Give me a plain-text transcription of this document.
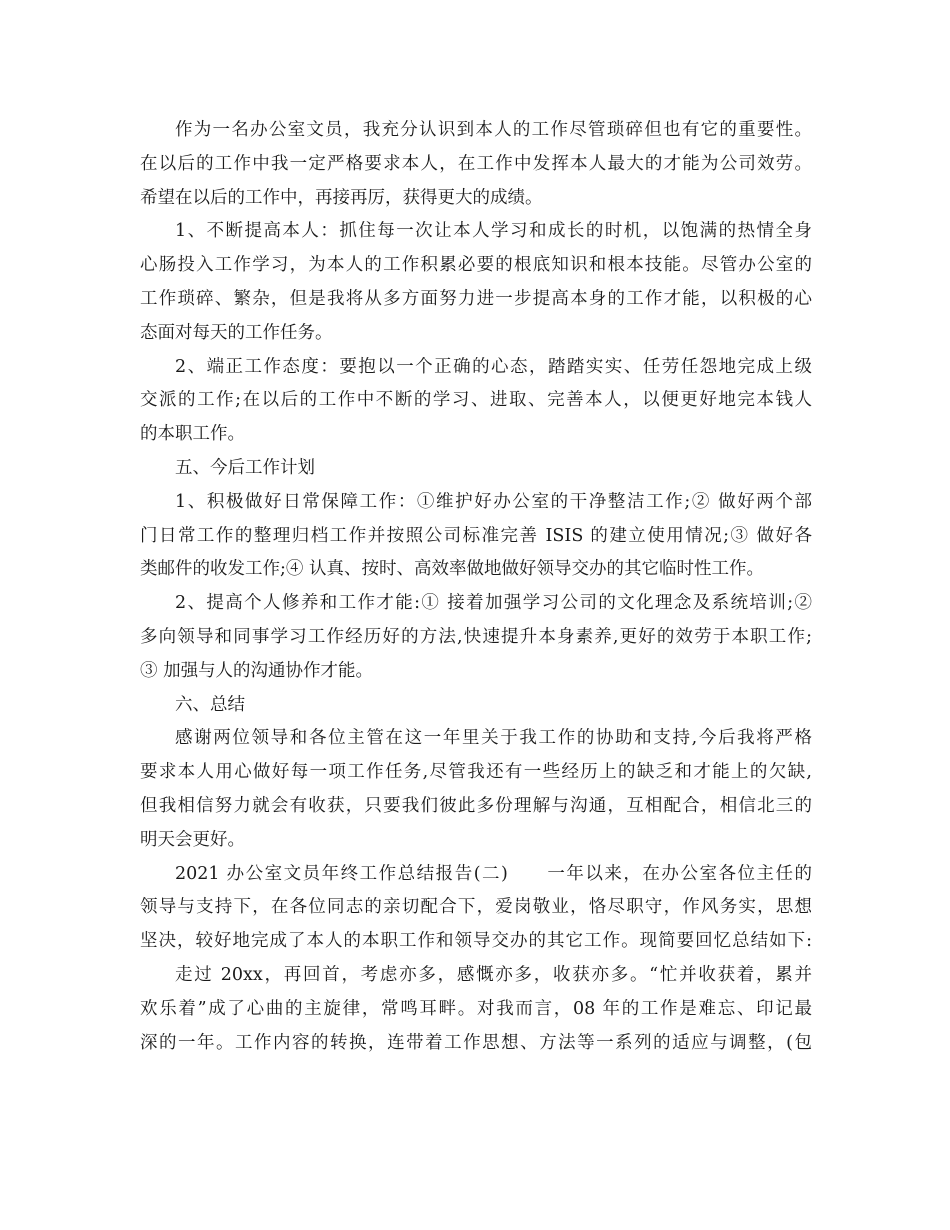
作为一名办公室文员，我充分认识到本人的工作尽管琐碎但也有它的重要性。
在以后的工作中我一定严格要求本人，在工作中发挥本人最大的才能为公司效劳。
希望在以后的工作中，再接再厉，获得更大的成绩。
1、不断提高本人：抓住每一次让本人学习和成长的时机，以饱满的热情全身
心肠投入工作学习，为本人的工作积累必要的根底知识和根本技能。尽管办公室的
工作琐碎、繁杂，但是我将从多方面努力进一步提高本身的工作才能，以积极的心
态面对每天的工作任务。
2、端正工作态度：要抱以一个正确的心态，踏踏实实、任劳任怨地完成上级
交派的工作;在以后的工作中不断的学习、进取、完善本人，以便更好地完本钱人
的本职工作。
五、今后工作计划
1、积极做好日常保障工作：①维护好办公室的干净整洁工作;② 做好两个部
门日常工作的整理归档工作并按照公司标准完善 ISIS 的建立使用情况;③ 做好各
类邮件的收发工作;④ 认真、按时、高效率做地做好领导交办的其它临时性工作。
2、提高个人修养和工作才能:① 接着加强学习公司的文化理念及系统培训;②
多向领导和同事学习工作经历好的方法,快速提升本身素养,更好的效劳于本职工作;
③ 加强与人的沟通协作才能。
六、总结
感谢两位领导和各位主管在这一年里关于我工作的协助和支持,今后我将严格
要求本人用心做好每一项工作任务,尽管我还有一些经历上的缺乏和才能上的欠缺,
但我相信努力就会有收获，只要我们彼此多份理解与沟通，互相配合，相信北三的
明天会更好。
2021 办公室文员年终工作总结报告(二)　　一年以来，在办公室各位主任的
领导与支持下，在各位同志的亲切配合下，爱岗敬业，恪尽职守，作风务实，思想
坚决，较好地完成了本人的本职工作和领导交办的其它工作。现简要回忆总结如下:
走过 20xx，再回首，考虑亦多，感慨亦多，收获亦多。“忙并收获着，累并
欢乐着”成了心曲的主旋律，常鸣耳畔。对我而言，08 年的工作是难忘、印记最
深的一年。工作内容的转换，连带着工作思想、方法等一系列的适应与调整，(包
